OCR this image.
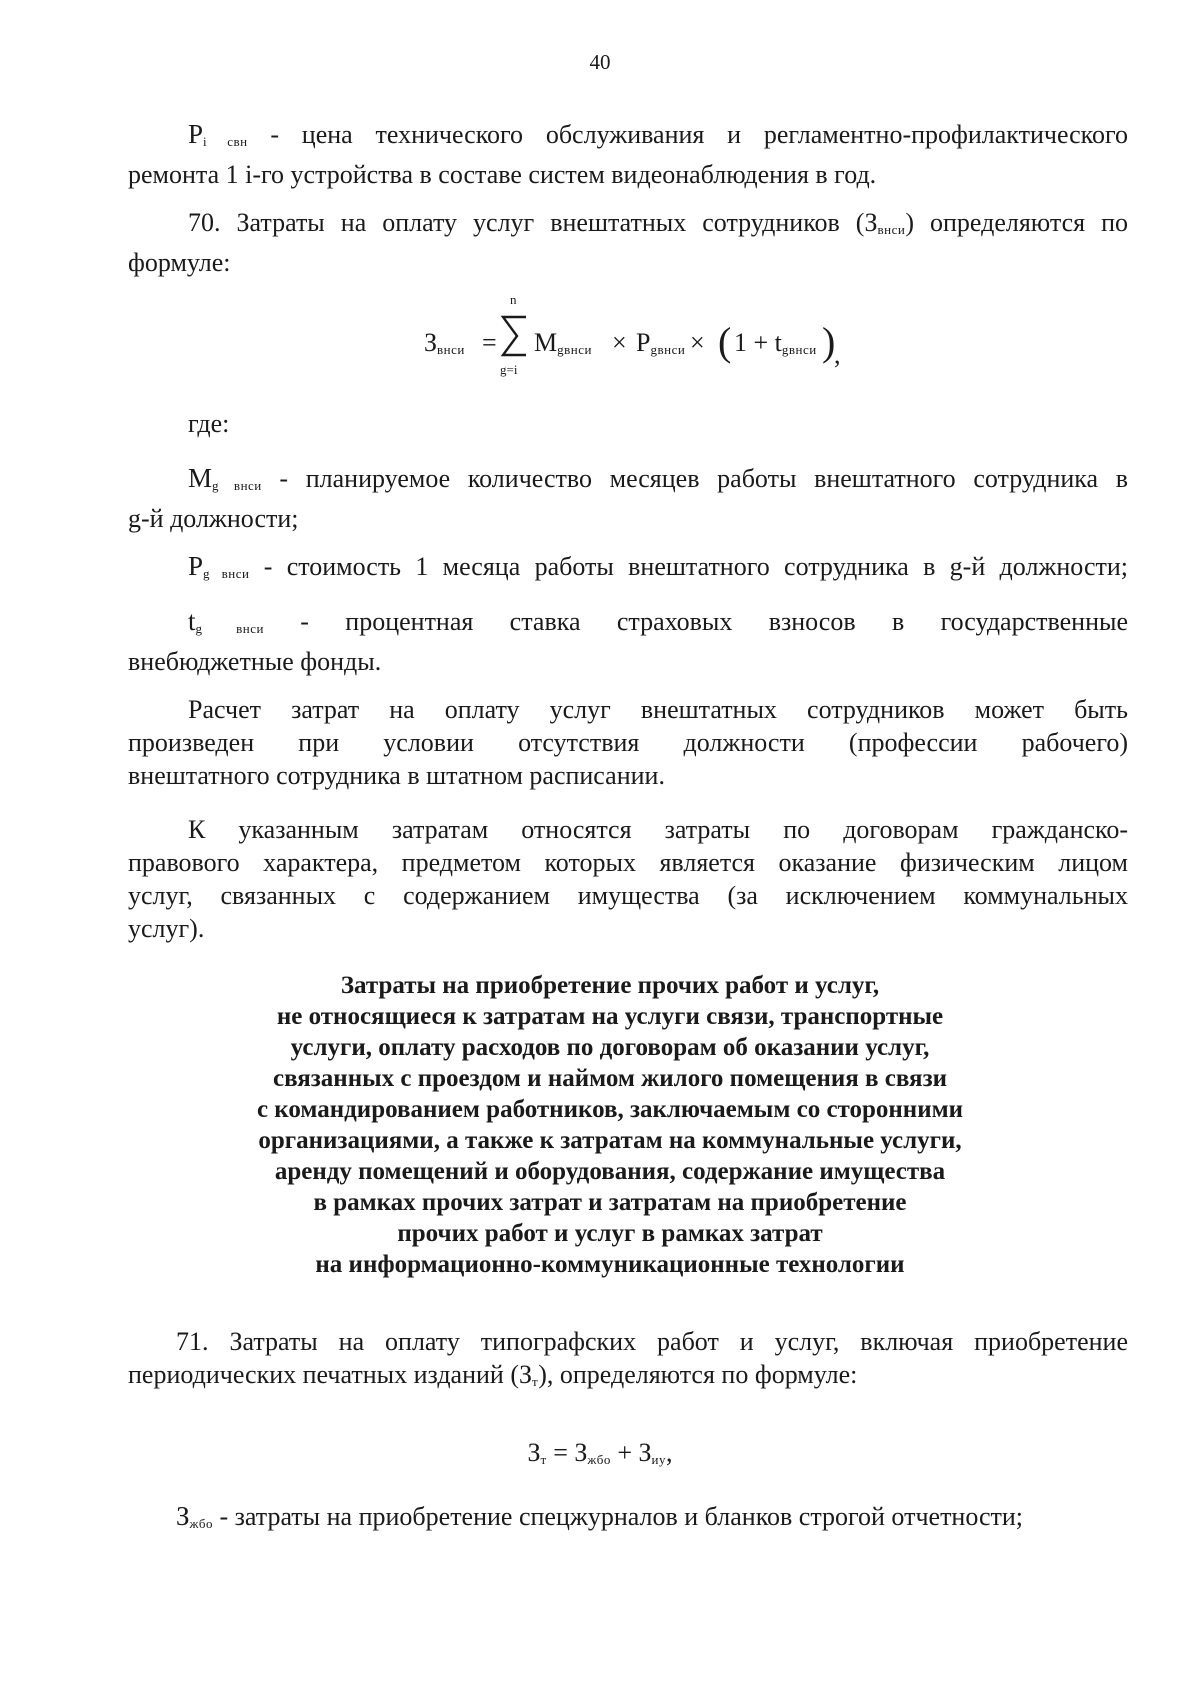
40

$P_{i свн}$ - цена технического обслуживания и регламентно-профилактического
ремонта 1 i-го устройства в составе систем видеонаблюдения в год.

70. Затраты на оплату услуг внештатных сотрудников $(З_{внси})$ определяются по
формуле:

$З_{внси}$ =
n
g=i
$M_{gвнси} \times P_{gвнси}$ × ( $1 + t_{gвнси}$ )
,

где:

$M_{g внси}$ - планируемое количество месяцев работы внештатного сотрудника в
g-й должности;

$P_{g внси}$ - стоимость 1 месяца работы внештатного сотрудника в g-й должности;

$t_{g внси}$ - процентная ставка страховых взносов в государственные
внебюджетные фонды.

Расчет затрат на оплату услуг внештатных сотрудников может быть
произведен при условии отсутствия должности (профессии рабочего)
внештатного сотрудника в штатном расписании.

К указанным затратам относятся затраты по договорам гражданско-
правового характера, предметом которых является оказание физическим лицом
услуг, связанных с содержанием имущества (за исключением коммунальных
услуг).

Затраты на приобретение прочих работ и услуг,
не относящиеся к затратам на услуги связи, транспортные
услуги, оплату расходов по договорам об оказании услуг,
связанных с проездом и наймом жилого помещения в связи
с командированием работников, заключаемым со сторонними
организациями, а также к затратам на коммунальные услуги,
аренду помещений и оборудования, содержание имущества
в рамках прочих затрат и затратам на приобретение
прочих работ и услуг в рамках затрат
на информационно-коммуникационные технологии

71. Затраты на оплату типографских работ и услуг, включая приобретение
периодических печатных изданий $(З_т)$, определяются по формуле:

$З_т = З_{жбо} + З_{иу}$,

$З_{жбо}$ - затраты на приобретение спецжурналов и бланков строгой отчетности;
